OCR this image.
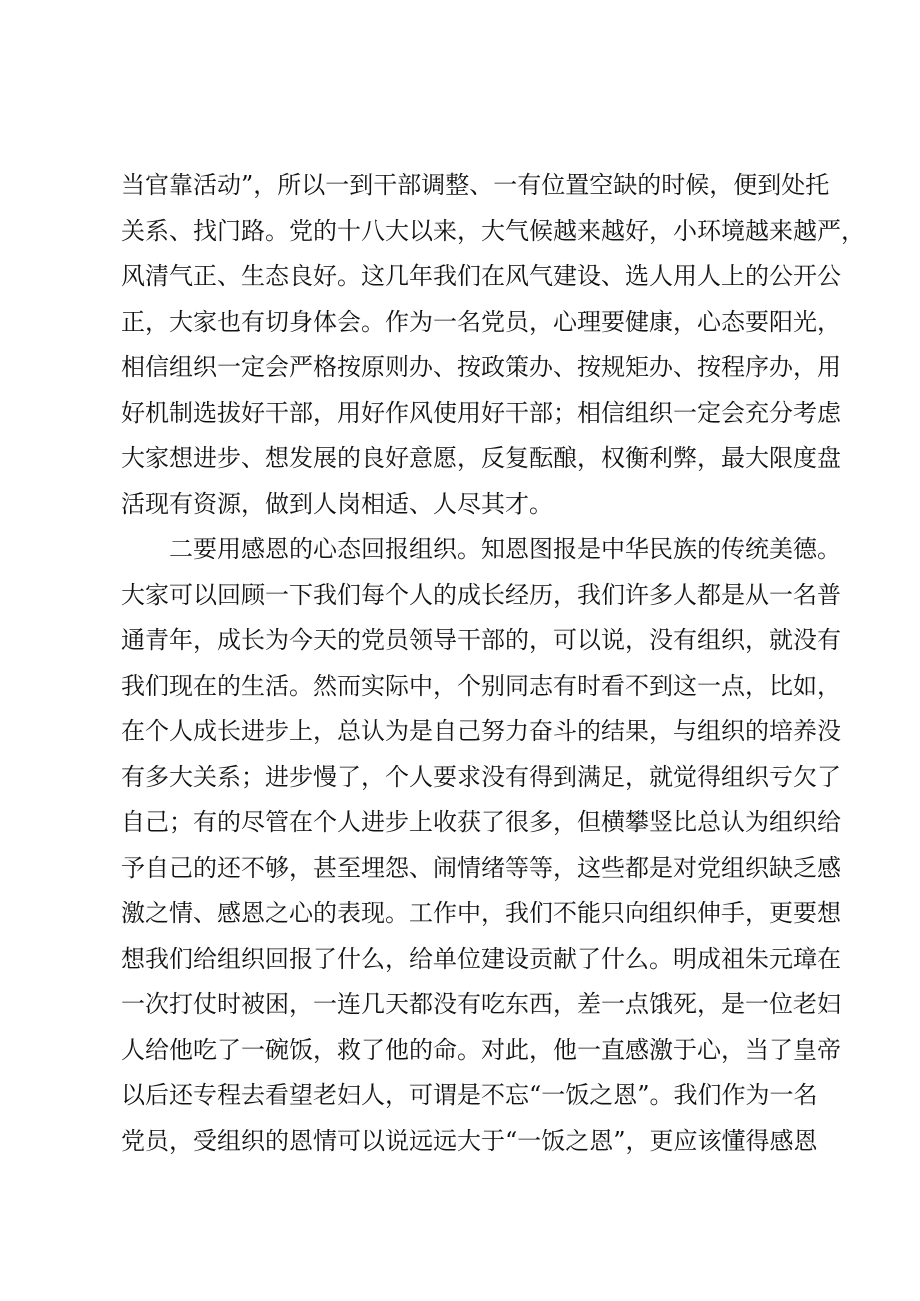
当官靠活动”，所以一到干部调整、一有位置空缺的时候，便到处托
关系、找门路。党的十八大以来，大气候越来越好，小环境越来越严，
风清气正、生态良好。这几年我们在风气建设、选人用人上的公开公
正，大家也有切身体会。作为一名党员，心理要健康，心态要阳光，
相信组织一定会严格按原则办、按政策办、按规矩办、按程序办，用
好机制选拔好干部，用好作风使用好干部；相信组织一定会充分考虑
大家想进步、想发展的良好意愿，反复酝酿，权衡利弊，最大限度盘
活现有资源，做到人岗相适、人尽其才。
二要用感恩的心态回报组织。知恩图报是中华民族的传统美德。
大家可以回顾一下我们每个人的成长经历，我们许多人都是从一名普
通青年，成长为今天的党员领导干部的，可以说，没有组织，就没有
我们现在的生活。然而实际中，个别同志有时看不到这一点，比如，
在个人成长进步上，总认为是自己努力奋斗的结果，与组织的培养没
有多大关系；进步慢了，个人要求没有得到满足，就觉得组织亏欠了
自己；有的尽管在个人进步上收获了很多，但横攀竖比总认为组织给
予自己的还不够，甚至埋怨、闹情绪等等，这些都是对党组织缺乏感
激之情、感恩之心的表现。工作中，我们不能只向组织伸手，更要想
想我们给组织回报了什么，给单位建设贡献了什么。明成祖朱元璋在
一次打仗时被困，一连几天都没有吃东西，差一点饿死，是一位老妇
人给他吃了一碗饭，救了他的命。对此，他一直感激于心，当了皇帝
以后还专程去看望老妇人，可谓是不忘“一饭之恩”。我们作为一名
党员，受组织的恩情可以说远远大于“一饭之恩”，更应该懂得感恩
